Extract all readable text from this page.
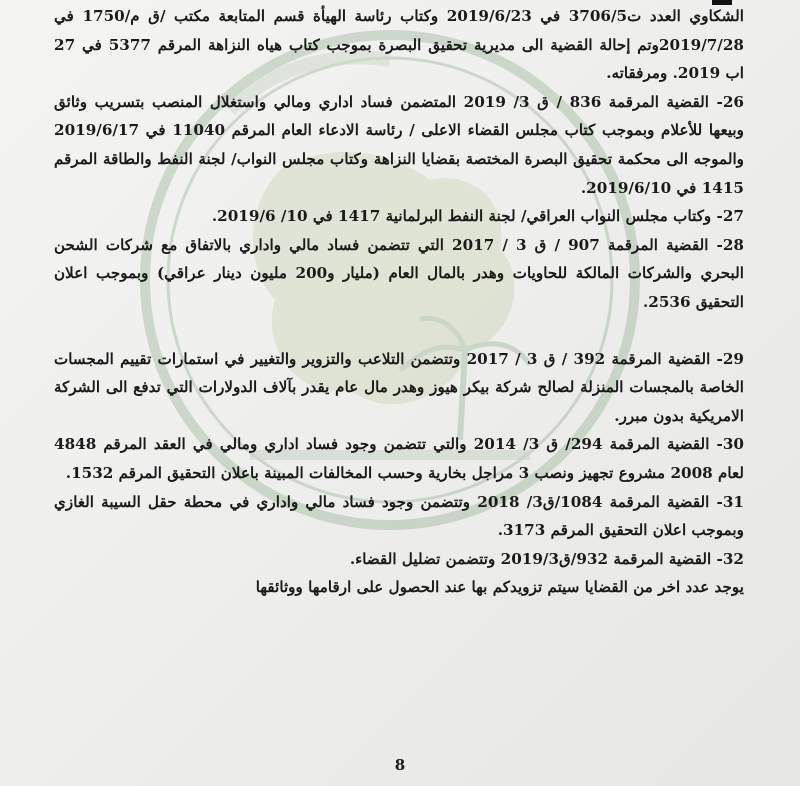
الشكاوي العدد ت3706/5 في 2019/6/23 وكتاب رئاسة الهيأة قسم المتابعة مكتب /ق م/1750 في 2019/7/28وتم إحالة القضية الى مديرية تحقيق البصرة بموجب كتاب هياه النزاهة المرقم 5377 في 27 اب 2019. ومرفقاته.

26- القضية المرقمة 836 / ق 3/ 2019 المتضمن فساد اداري ومالي واستغلال المنصب بتسريب وثائق وبيعها للأعلام وبموجب كتاب مجلس القضاء الاعلى / رئاسة الادعاء العام المرقم 11040 في 2019/6/17 والموجه الى محكمة تحقيق البصرة المختصة بقضايا النزاهة وكتاب مجلس النواب/ لجنة النفط والطاقة المرقم 1415 في 2019/6/10.

27- وكتاب مجلس النواب العراقي/ لجنة النفط البرلمانية 1417 في 10/ 2019/6.

28- القضية المرقمة 907 / ق 3 / 2017 التي تتضمن فساد مالي واداري بالاتفاق مع شركات الشحن البحري والشركات المالكة للحاويات وهدر بالمال العام (مليار و200 مليون دينار عراقي) وبموجب اعلان التحقيق 2536.

29- القضية المرقمة 392 / ق 3 / 2017 وتتضمن التلاعب والتزوير والتغيير في استمارات تقييم المجسات الخاصة بالمجسات المنزلة لصالح شركة بيكر هيوز وهدر مال عام يقدر بآلاف الدولارات التي تدفع الى الشركة الامريكية بدون مبرر.

30- القضية المرقمة 294/ ق 3/ 2014 والتي تتضمن وجود فساد اداري ومالي في العقد المرقم 4848 لعام 2008 مشروع تجهيز ونصب 3 مراجل بخارية وحسب المخالفات المبينة باعلان التحقيق المرقم 1532.

31- القضية المرقمة 1084/ق3/ 2018 وتتضمن وجود فساد مالي واداري في محطة حقل السيبة الغازي وبموجب اعلان التحقيق المرقم 3173.

32- القضية المرقمة 932/ق2019/3 وتتضمن تضليل القضاء.

يوجد عدد اخر من القضايا سيتم تزويدكم بها عند الحصول على ارقامها ووثائقها

8
